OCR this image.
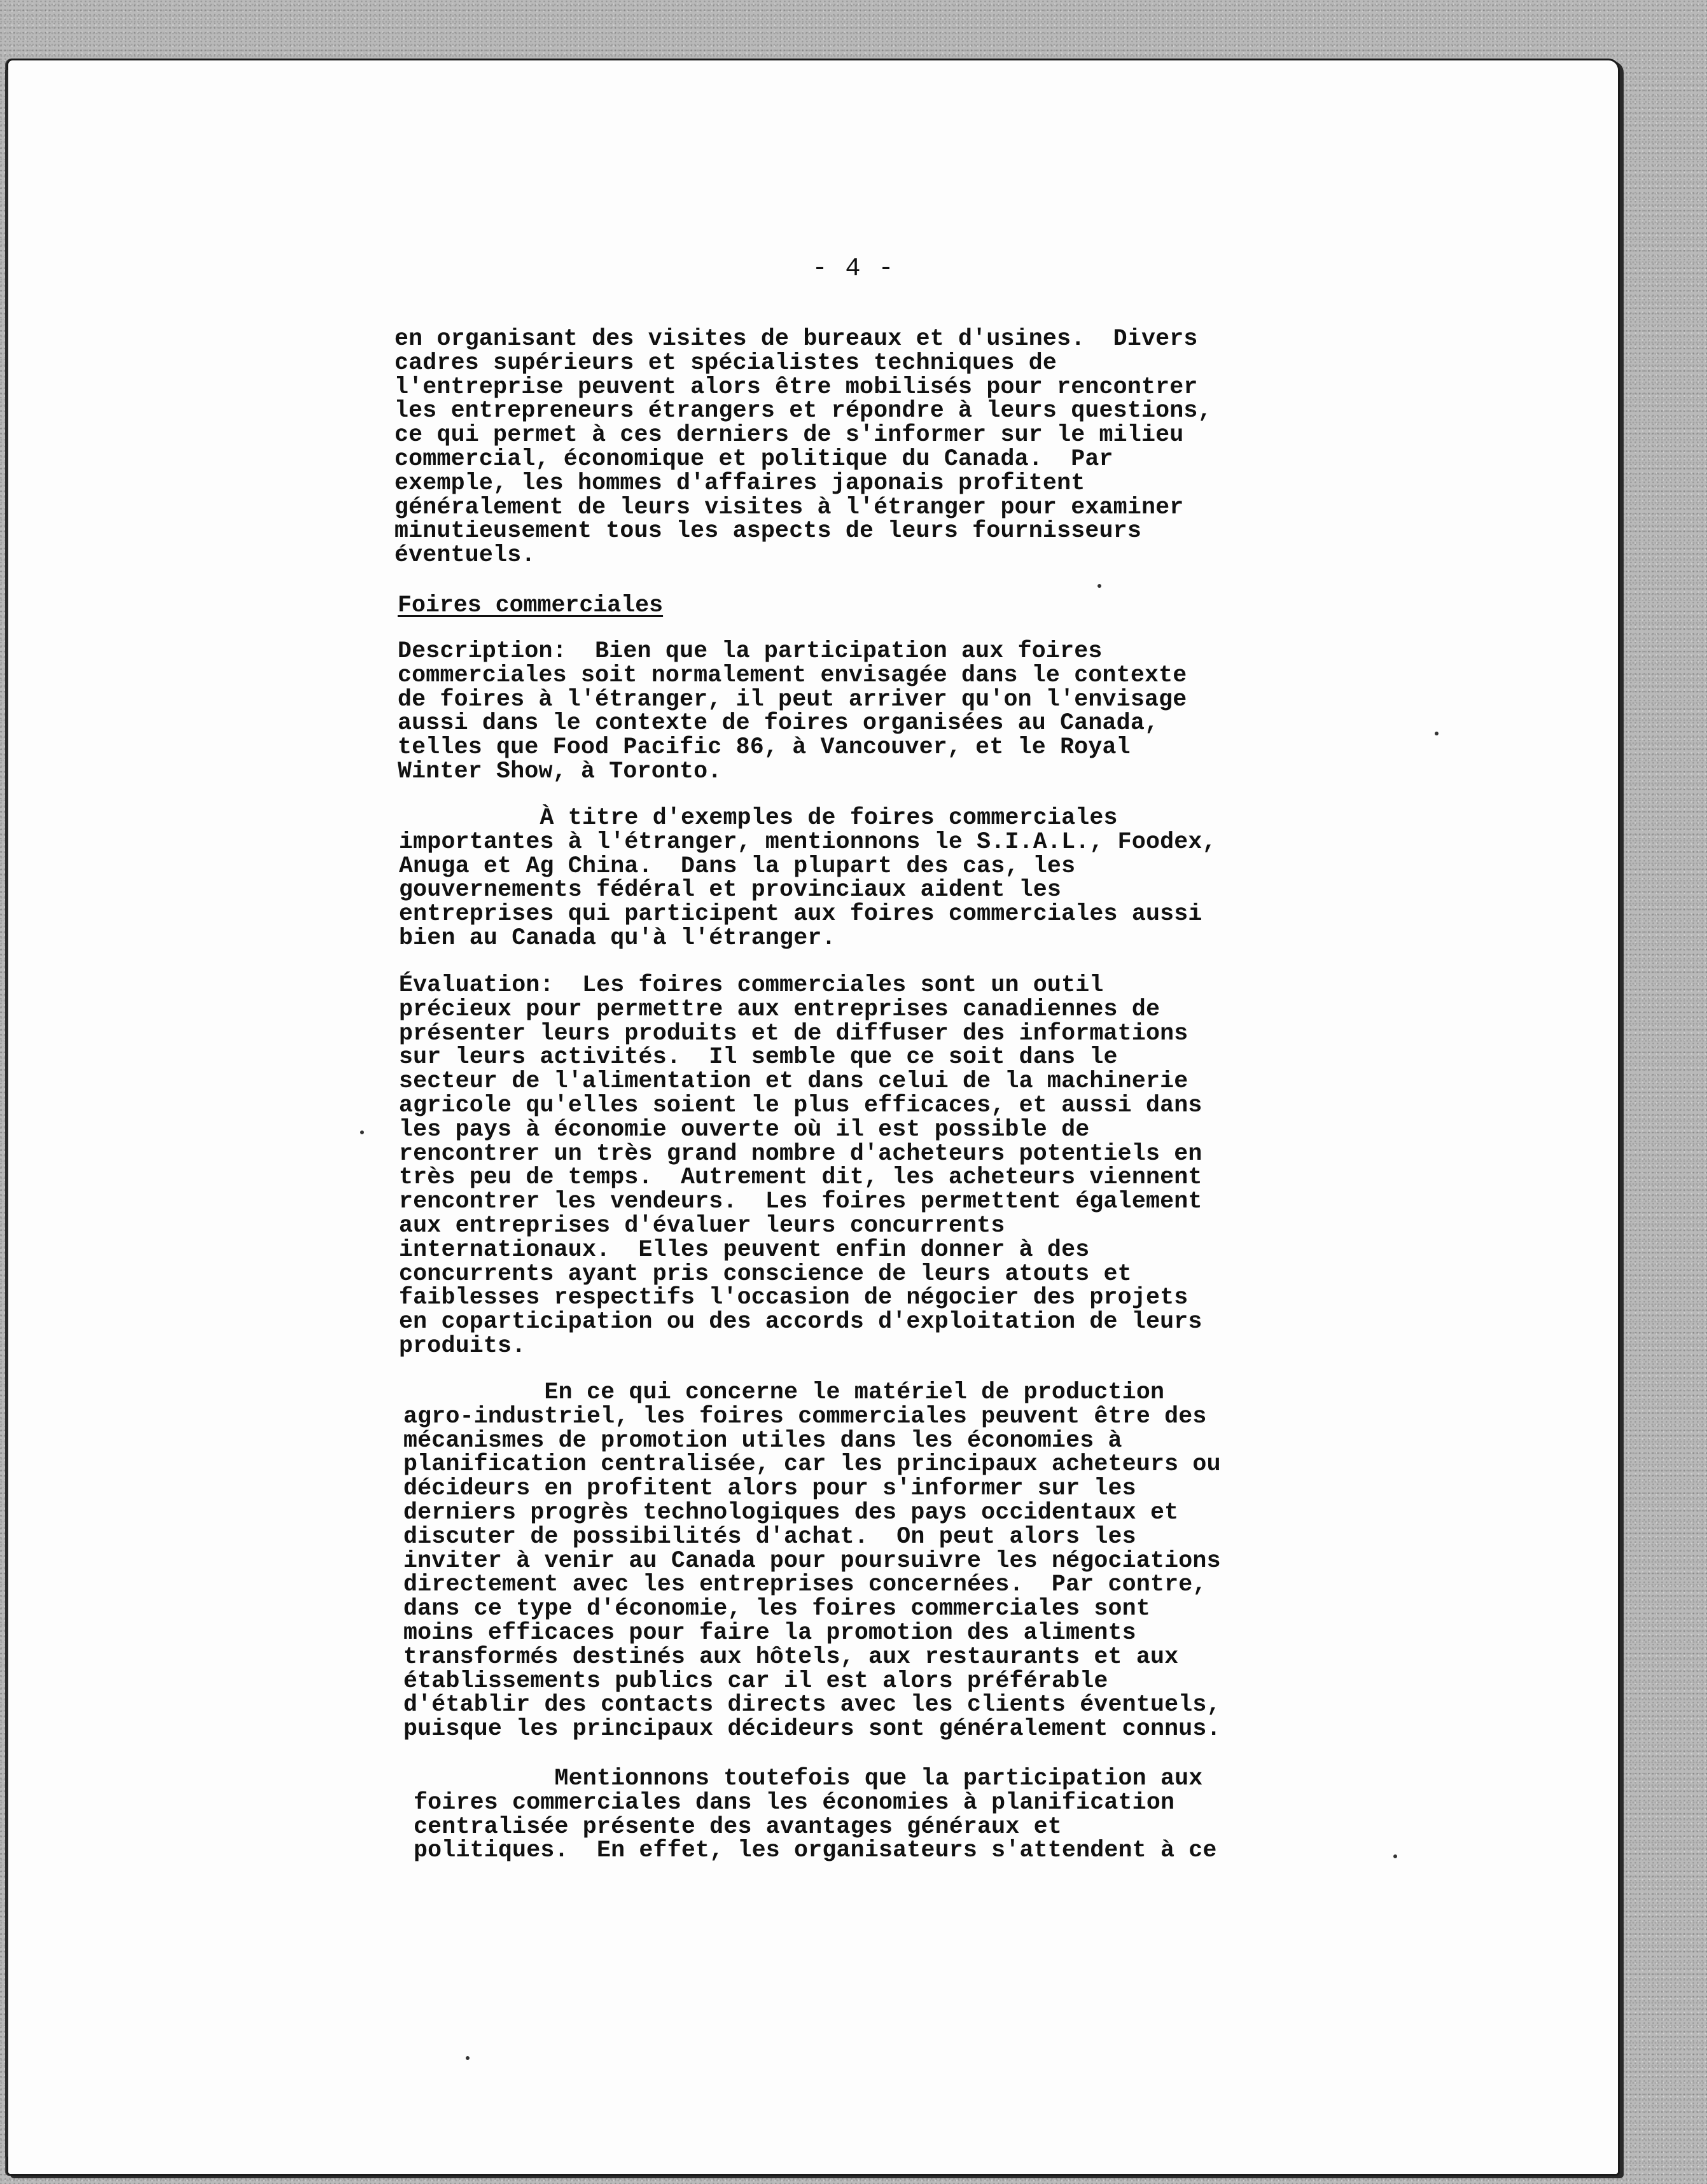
- 4 -
en organisant des visites de bureaux et d'usines.  Divers
cadres supérieurs et spécialistes techniques de
l'entreprise peuvent alors être mobilisés pour rencontrer
les entrepreneurs étrangers et répondre à leurs questions,
ce qui permet à ces derniers de s'informer sur le milieu
commercial, économique et politique du Canada.  Par
exemple, les hommes d'affaires japonais profitent
généralement de leurs visites à l'étranger pour examiner
minutieusement tous les aspects de leurs fournisseurs
éventuels.
Foires commerciales
Description:  Bien que la participation aux foires
commerciales soit normalement envisagée dans le contexte
de foires à l'étranger, il peut arriver qu'on l'envisage
aussi dans le contexte de foires organisées au Canada,
telles que Food Pacific 86, à Vancouver, et le Royal
Winter Show, à Toronto.
À titre d'exemples de foires commerciales
importantes à l'étranger, mentionnons le S.I.A.L., Foodex,
Anuga et Ag China.  Dans la plupart des cas, les
gouvernements fédéral et provinciaux aident les
entreprises qui participent aux foires commerciales aussi
bien au Canada qu'à l'étranger.
Évaluation:  Les foires commerciales sont un outil
précieux pour permettre aux entreprises canadiennes de
présenter leurs produits et de diffuser des informations
sur leurs activités.  Il semble que ce soit dans le
secteur de l'alimentation et dans celui de la machinerie
agricole qu'elles soient le plus efficaces, et aussi dans
les pays à économie ouverte où il est possible de
rencontrer un très grand nombre d'acheteurs potentiels en
très peu de temps.  Autrement dit, les acheteurs viennent
rencontrer les vendeurs.  Les foires permettent également
aux entreprises d'évaluer leurs concurrents
internationaux.  Elles peuvent enfin donner à des
concurrents ayant pris conscience de leurs atouts et
faiblesses respectifs l'occasion de négocier des projets
en coparticipation ou des accords d'exploitation de leurs
produits.
En ce qui concerne le matériel de production
agro-industriel, les foires commerciales peuvent être des
mécanismes de promotion utiles dans les économies à
planification centralisée, car les principaux acheteurs ou
décideurs en profitent alors pour s'informer sur les
derniers progrès technologiques des pays occidentaux et
discuter de possibilités d'achat.  On peut alors les
inviter à venir au Canada pour poursuivre les négociations
directement avec les entreprises concernées.  Par contre,
dans ce type d'économie, les foires commerciales sont
moins efficaces pour faire la promotion des aliments
transformés destinés aux hôtels, aux restaurants et aux
établissements publics car il est alors préférable
d'établir des contacts directs avec les clients éventuels,
puisque les principaux décideurs sont généralement connus.
Mentionnons toutefois que la participation aux
foires commerciales dans les économies à planification
centralisée présente des avantages généraux et
politiques.  En effet, les organisateurs s'attendent à ce
